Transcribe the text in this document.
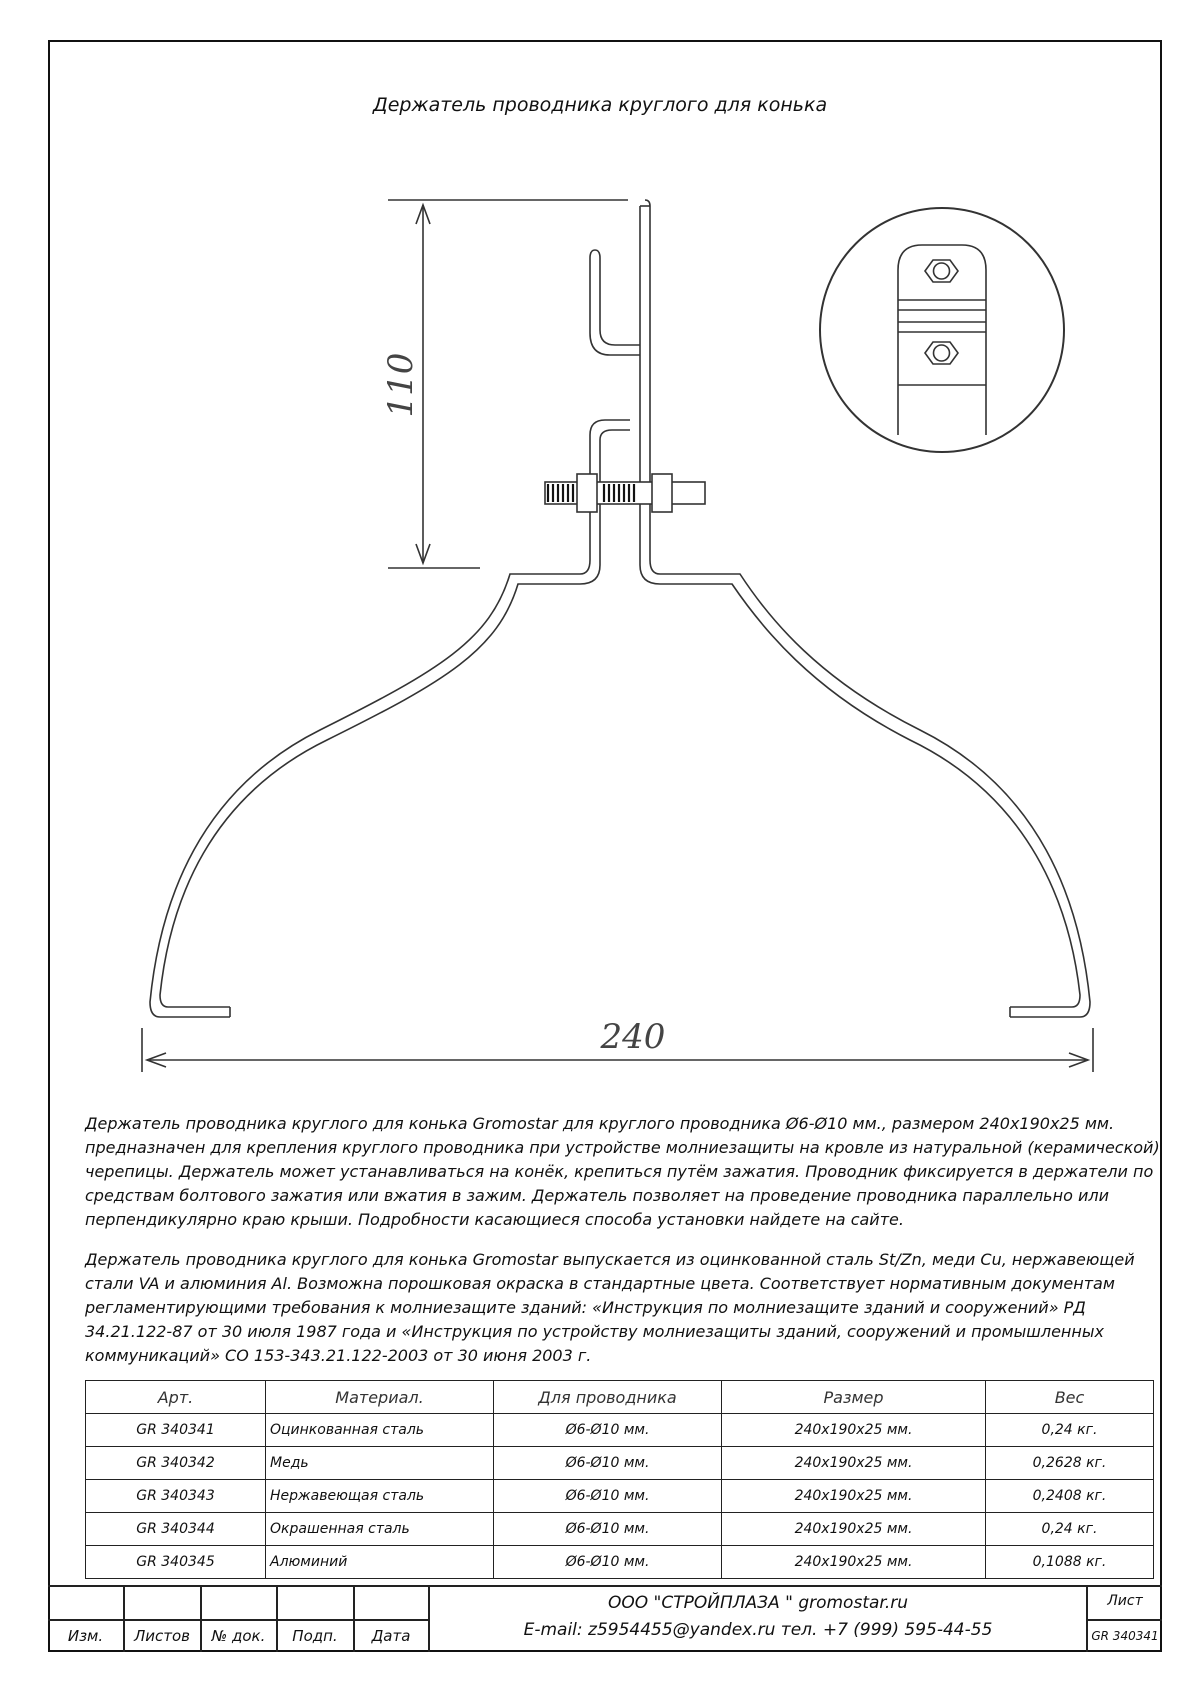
Держатель проводника круглого для конька
110
240

Держатель проводника круглого для конька Gromostar для круглого проводника Ø6-Ø10 мм., размером 240x190x25 мм. предназначен для крепления круглого проводника при устройстве молниезащиты на кровле из натуральной (керамической) черепицы. Держатель может устанавливаться на конёк, крепиться путём зажатия. Проводник фиксируется в держатели по средствам болтового зажатия или вжатия в зажим. Держатель позволяет на проведение проводника параллельно или перпендикулярно краю крыши. Подробности касающиеся способа установки найдете на сайте.

Держатель проводника круглого для конька Gromostar выпускается из оцинкованной сталь St/Zn, меди Cu, нержавеющей стали VA и алюминия Al. Возможна порошковая окраска в стандартные цвета. Соответствует нормативным документам регламентирующими требования к молниезащите зданий: «Инструкция по молниезащите зданий и сооружений» РД 34.21.122-87 от 30 июля 1987 года и «Инструкция по устройству молниезащиты зданий, сооружений и промышленных коммуникаций» СО 153-343.21.122-2003 от 30 июня 2003 г.

Арт.	Материал.	Для проводника	Размер	Вес
GR 340341	Оцинкованная сталь	Ø6-Ø10 мм.	240x190x25 мм.	0,24 кг.
GR 340342	Медь	Ø6-Ø10 мм.	240x190x25 мм.	0,2628 кг.
GR 340343	Нержавеющая сталь	Ø6-Ø10 мм.	240x190x25 мм.	0,2408 кг.
GR 340344	Окрашенная сталь	Ø6-Ø10 мм.	240x190x25 мм.	0,24 кг.
GR 340345	Алюминий	Ø6-Ø10 мм.	240x190x25 мм.	0,1088 кг.
Изм.	Листов	№ док.	Подп.	Дата
ООО "СТРОЙПЛАЗА " gromostar.ru
E-mail: z5954455@yandex.ru тел. +7 (999) 595-44-55
Лист
GR 340341
